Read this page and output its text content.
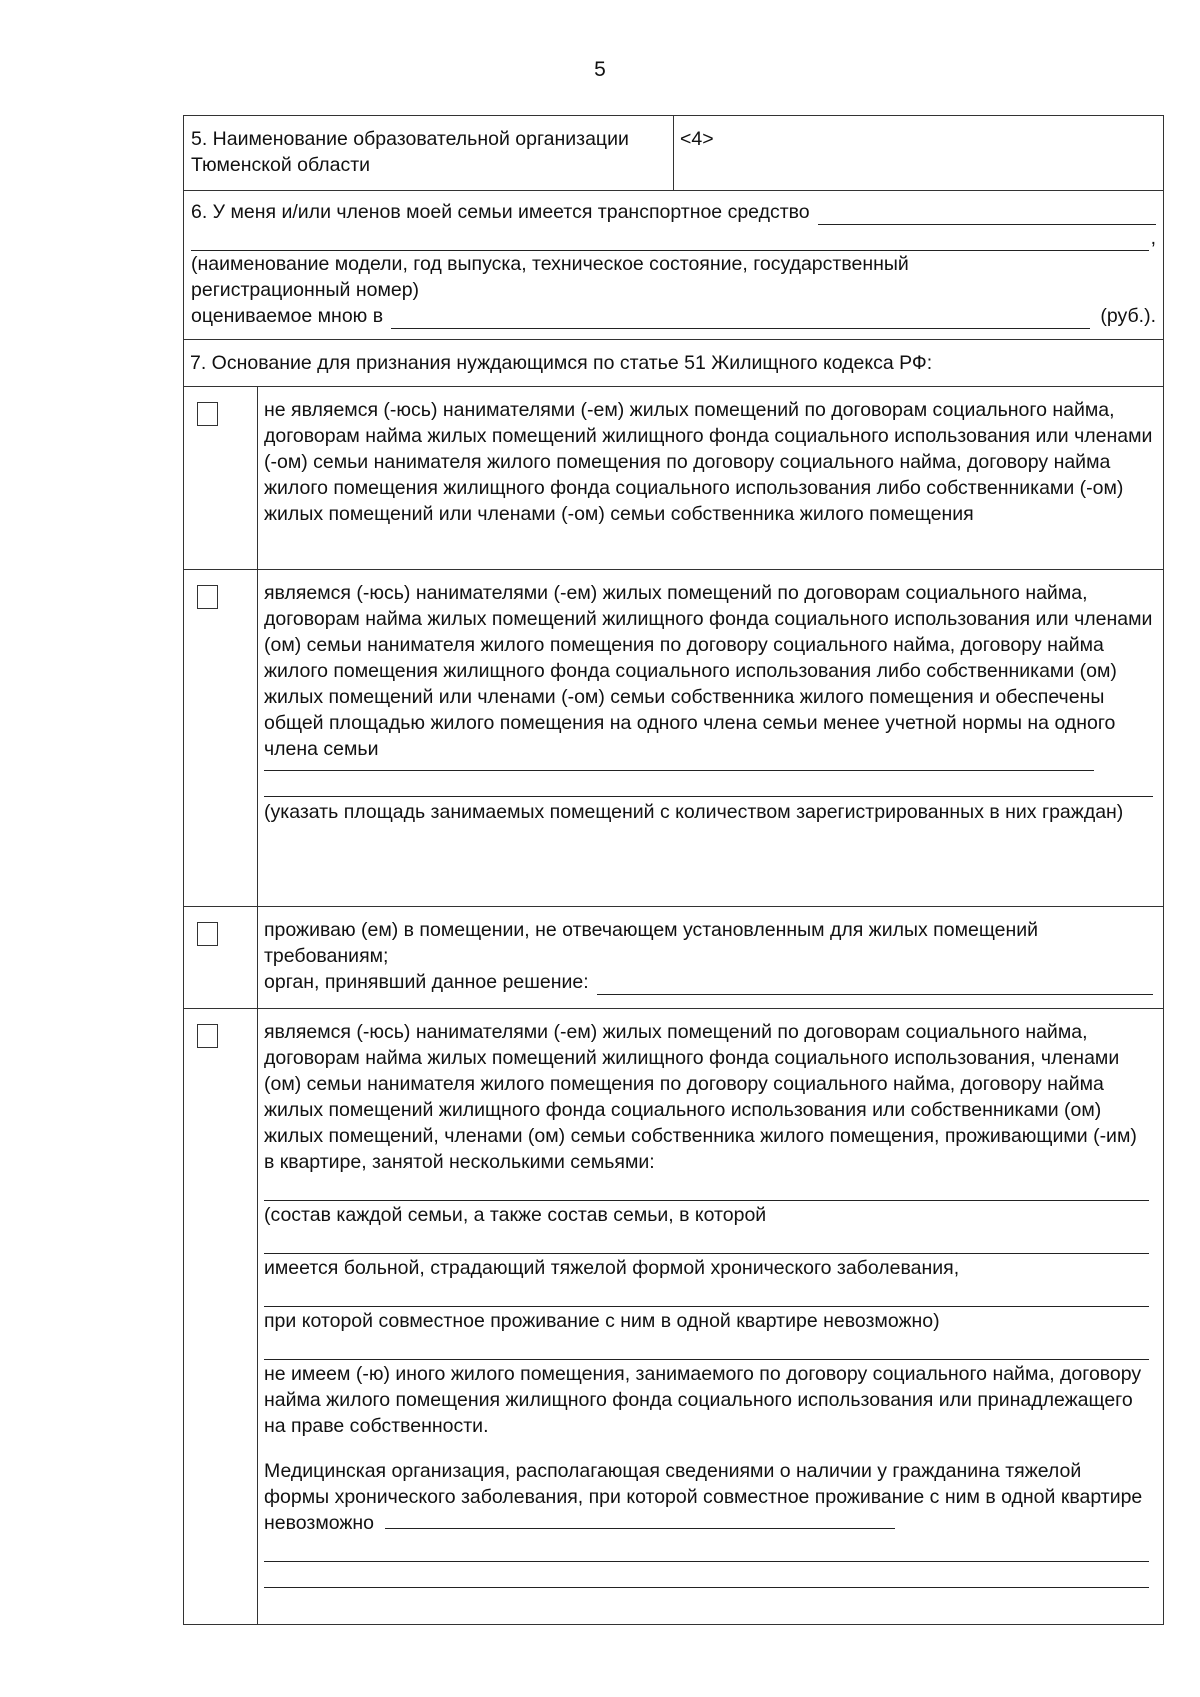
5
5. Наименование образовательной организации Тюменской области
<4>
6. У меня и/или членов моей семьи имеется транспортное средство
,
(наименование модели, год выпуска, техническое состояние, государственный регистрационный номер)
оцениваемое мною в	(руб.).
7. Основание для признания нуждающимся по статье 51 Жилищного кодекса РФ:
не являемся (-юсь) нанимателями (-ем) жилых помещений по договорам социального найма, договорам найма жилых помещений жилищного фонда социального использования или членами (-ом) семьи нанимателя жилого помещения по договору социального найма, договору найма жилого помещения жилищного фонда социального использования либо собственниками (-ом) жилых помещений или членами (-ом) семьи собственника жилого помещения
являемся (-юсь) нанимателями (-ем) жилых помещений по договорам социального найма, договорам найма жилых помещений жилищного фонда социального использования или членами (ом) семьи нанимателя жилого помещения по договору социального найма, договору найма жилого помещения жилищного фонда социального использования либо собственниками (ом) жилых помещений или членами (-ом) семьи собственника жилого помещения и обеспечены общей площадью жилого помещения на одного члена семьи менее учетной нормы на одного члена семьи
(указать площадь занимаемых помещений с количеством зарегистрированных в них граждан)
проживаю (ем) в помещении, не отвечающем установленным для жилых помещений требованиям;
орган, принявший данное решение:
являемся (-юсь) нанимателями (-ем) жилых помещений по договорам социального найма, договорам найма жилых помещений жилищного фонда социального использования, членами (ом) семьи нанимателя жилого помещения по договору социального найма, договору найма жилых помещений жилищного фонда социального использования или собственниками (ом) жилых помещений, членами (ом) семьи собственника жилого помещения, проживающими (-им) в квартире, занятой несколькими семьями:
(состав каждой семьи, а также состав семьи, в которой
имеется больной, страдающий тяжелой формой хронического заболевания,
при которой совместное проживание с ним в одной квартире невозможно)
не имеем (-ю) иного жилого помещения, занимаемого по договору социального найма, договору найма жилого помещения жилищного фонда социального использования или принадлежащего на праве собственности.
Медицинская организация, располагающая сведениями о наличии у гражданина тяжелой формы хронического заболевания, при которой совместное проживание с ним в одной квартире невозможно
